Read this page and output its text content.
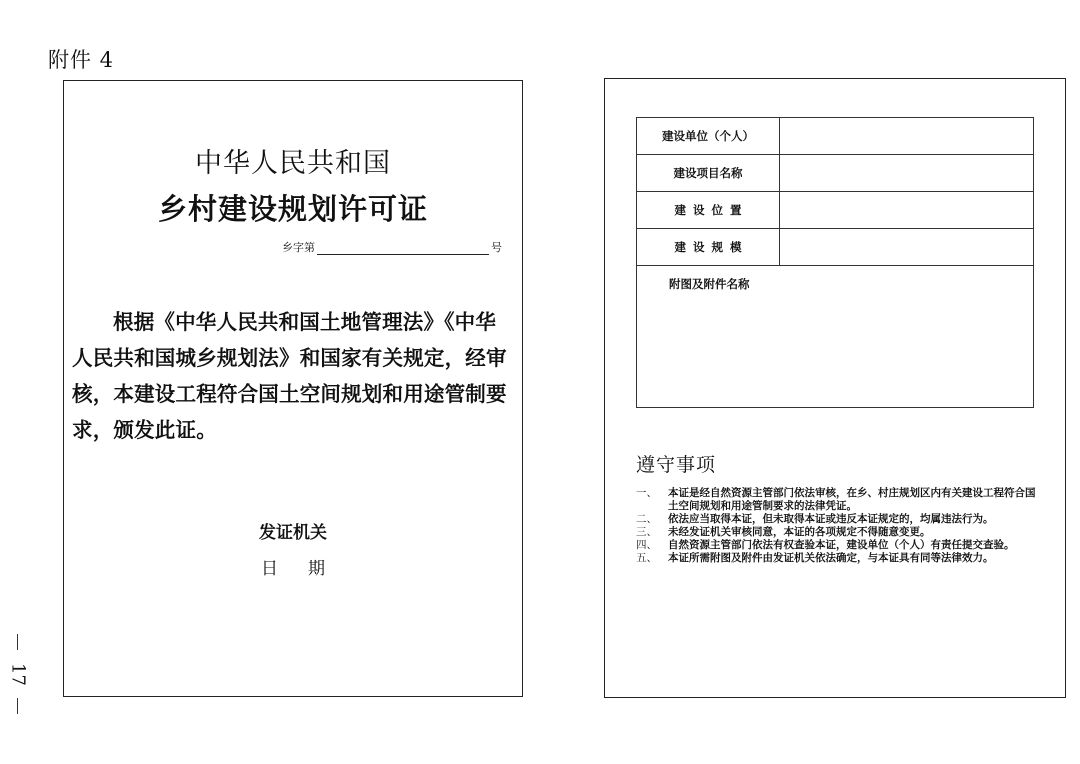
附件 4
17
中华人民共和国
乡村建设规划许可证
乡字第	号
根据《中华人民共和国土地管理法》《中华人民共和国城乡规划法》和国家有关规定，经审核，本建设工程符合国土空间规划和用途管制要求，颁发此证。
发证机关
日期
建设单位（个人）	
建设项目名称	
建设位置	
建设规模	
附图及附件名称	
遵守事项
一、	本证是经自然资源主管部门依法审核，在乡、村庄规划区内有关建设工程符合国土空间规划和用途管制要求的法律凭证。
二、	依法应当取得本证，但未取得本证或违反本证规定的，均属违法行为。
三、	未经发证机关审核同意，本证的各项规定不得随意变更。
四、	自然资源主管部门依法有权查验本证，建设单位（个人）有责任提交查验。
五、	本证所需附图及附件由发证机关依法确定，与本证具有同等法律效力。
